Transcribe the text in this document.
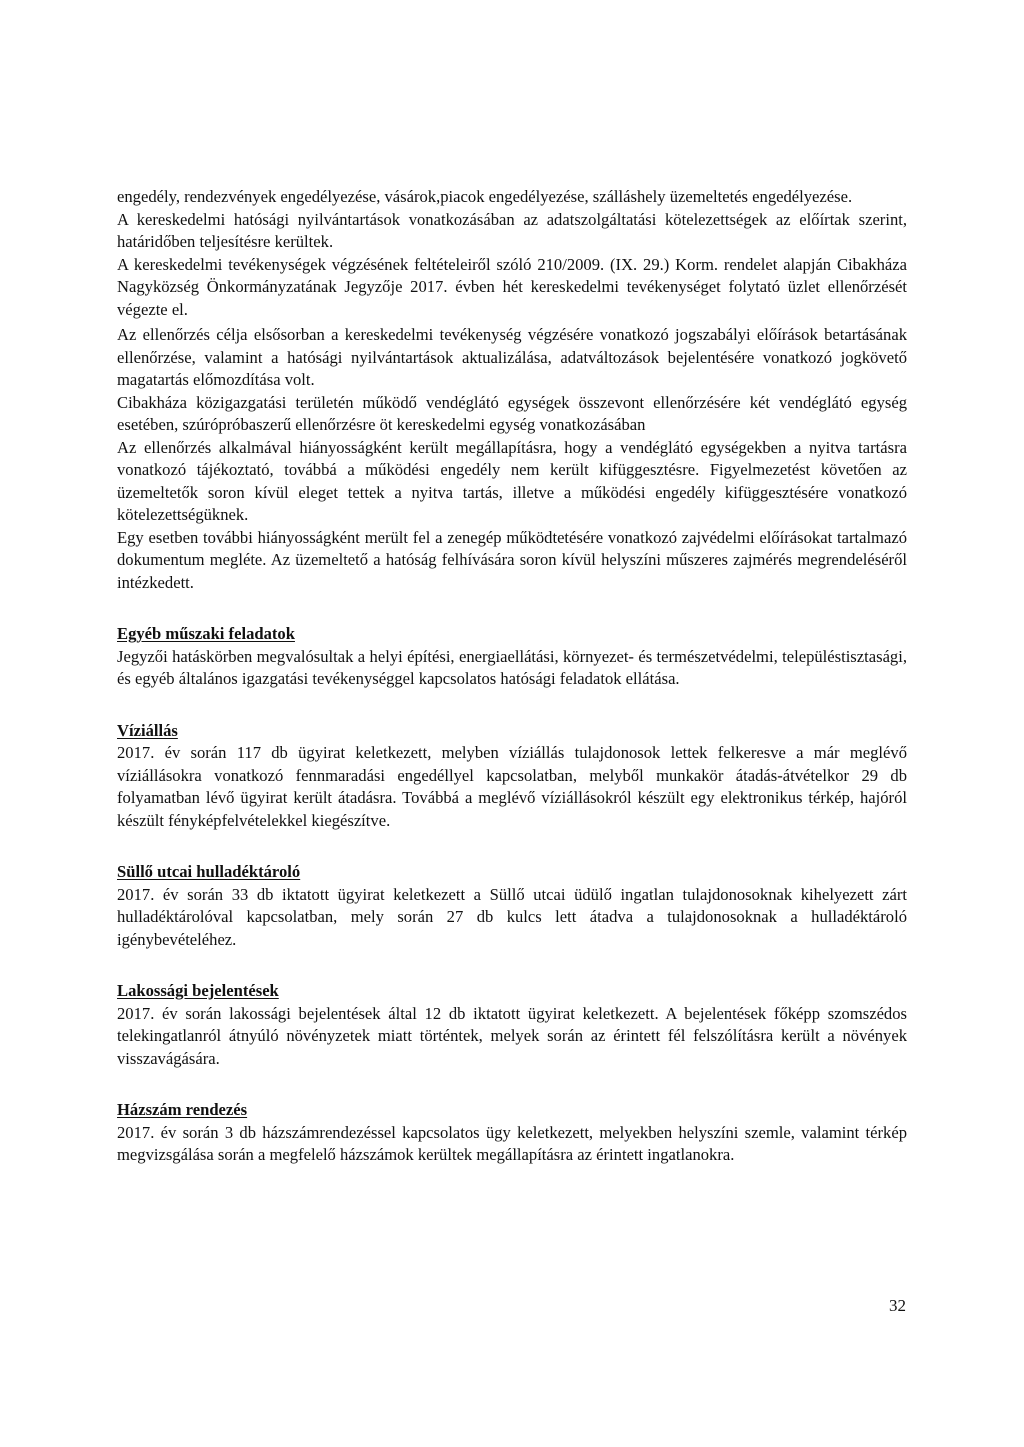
engedély, rendezvények engedélyezése, vásárok,piacok engedélyezése, szálláshely üzemeltetés engedélyezése.

A kereskedelmi hatósági nyilvántartások vonatkozásában az adatszolgáltatási kötelezettségek az előírtak szerint, határidőben teljesítésre kerültek.

A kereskedelmi tevékenységek végzésének feltételeiről szóló 210/2009. (IX. 29.) Korm. rendelet alapján Cibakháza Nagyközség Önkormányzatának Jegyzője 2017. évben hét kereskedelmi tevékenységet folytató üzlet ellenőrzését végezte el.

Az ellenőrzés célja elsősorban a kereskedelmi tevékenység végzésére vonatkozó jogszabályi előírások betartásának ellenőrzése, valamint a hatósági nyilvántartások aktualizálása, adatváltozások bejelentésére vonatkozó jogkövető magatartás előmozdítása volt.

Cibakháza közigazgatási területén működő vendéglátó egységek összevont ellenőrzésére két vendéglátó egység esetében, szúrópróbaszerű ellenőrzésre öt kereskedelmi egység vonatkozásában

Az ellenőrzés alkalmával hiányosságként került megállapításra, hogy a vendéglátó egységekben a nyitva tartásra vonatkozó tájékoztató, továbbá a működési engedély nem került kifüggesztésre. Figyelmezetést követően az üzemeltetők soron kívül eleget tettek a nyitva tartás, illetve a működési engedély kifüggesztésére vonatkozó kötelezettségüknek.

Egy esetben további hiányosságként merült fel a zenegép működtetésére vonatkozó zajvédelmi előírásokat tartalmazó dokumentum megléte. Az üzemeltető a hatóság felhívására soron kívül helyszíni műszeres zajmérés megrendeléséről intézkedett.

Egyéb műszaki feladatok

Jegyzői hatáskörben megvalósultak a helyi építési, energiaellátási, környezet- és természetvédelmi, településtisztasági, és egyéb általános igazgatási tevékenységgel kapcsolatos hatósági feladatok ellátása.

Víziállás

2017. év során 117 db ügyirat keletkezett, melyben víziállás tulajdonosok lettek felkeresve a már meglévő víziállásokra vonatkozó fennmaradási engedéllyel kapcsolatban, melyből munkakör átadás-átvételkor 29 db folyamatban lévő ügyirat került átadásra. Továbbá a meglévő víziállásokról készült egy elektronikus térkép, hajóról készült fényképfelvételekkel kiegészítve.

Süllő utcai hulladéktároló

2017. év során 33 db iktatott ügyirat keletkezett a Süllő utcai üdülő ingatlan tulajdonosoknak kihelyezett zárt hulladéktárolóval kapcsolatban, mely során 27 db kulcs lett átadva a tulajdonosoknak a hulladéktároló igénybevételéhez.

Lakossági bejelentések

2017. év során lakossági bejelentések által 12 db iktatott ügyirat keletkezett. A bejelentések főképp szomszédos telekingatlanról átnyúló növényzetek miatt történtek, melyek során az érintett fél felszólításra került a növények visszavágására.

Házszám rendezés

2017. év során 3 db házszámrendezéssel kapcsolatos ügy keletkezett, melyekben helyszíni szemle, valamint térkép megvizsgálása során a megfelelő házszámok kerültek megállapításra az érintett ingatlanokra.

32
